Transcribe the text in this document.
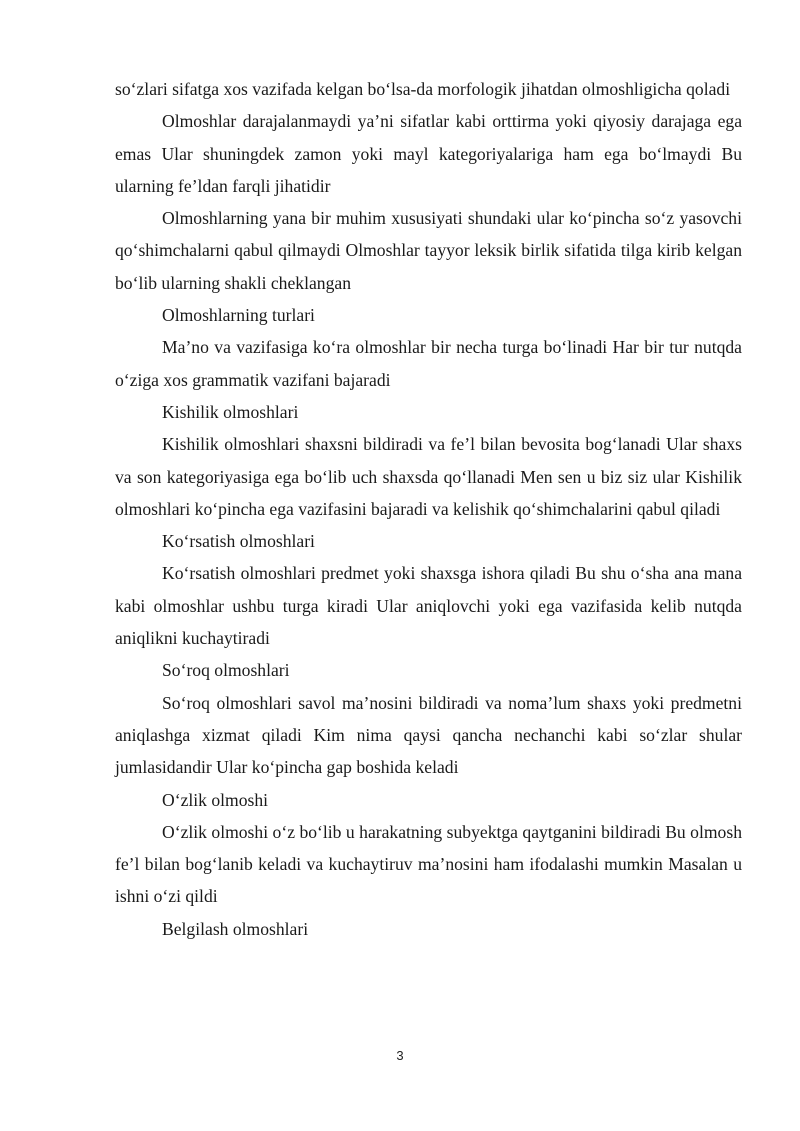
so‘zlari sifatga xos vazifada kelgan bo‘lsa-da morfologik jihatdan olmoshligicha qoladi

Olmoshlar darajalanmaydi ya’ni sifatlar kabi orttirma yoki qiyosiy darajaga ega emas Ular shuningdek zamon yoki mayl kategoriyalariga ham ega bo‘lmaydi Bu ularning fe’ldan farqli jihatidir

Olmoshlarning yana bir muhim xususiyati shundaki ular ko‘pincha so‘z yasovchi qo‘shimchalarni qabul qilmaydi Olmoshlar tayyor leksik birlik sifatida tilga kirib kelgan bo‘lib ularning shakli cheklangan

Olmoshlarning turlari

Ma’no va vazifasiga ko‘ra olmoshlar bir necha turga bo‘linadi Har bir tur nutqda o‘ziga xos grammatik vazifani bajaradi

Kishilik olmoshlari

Kishilik olmoshlari shaxsni bildiradi va fe’l bilan bevosita bog‘lanadi Ular shaxs va son kategoriyasiga ega bo‘lib uch shaxsda qo‘llanadi Men sen u biz siz ular Kishilik olmoshlari ko‘pincha ega vazifasini bajaradi va kelishik qo‘shimchalarini qabul qiladi

Ko‘rsatish olmoshlari

Ko‘rsatish olmoshlari predmet yoki shaxsga ishora qiladi Bu shu o‘sha ana mana kabi olmoshlar ushbu turga kiradi Ular aniqlovchi yoki ega vazifasida kelib nutqda aniqlikni kuchaytiradi

So‘roq olmoshlari

So‘roq olmoshlari savol ma’nosini bildiradi va noma’lum shaxs yoki predmetni aniqlashga xizmat qiladi Kim nima qaysi qancha nechanchi kabi so‘zlar shular jumlasidandir Ular ko‘pincha gap boshida keladi

O‘zlik olmoshi

O‘zlik olmoshi o‘z bo‘lib u harakatning subyektga qaytganini bildiradi Bu olmosh fe’l bilan bog‘lanib keladi va kuchaytiruv ma’nosini ham ifodalashi mumkin Masalan u ishni o‘zi qildi

Belgilash olmoshlari

3
